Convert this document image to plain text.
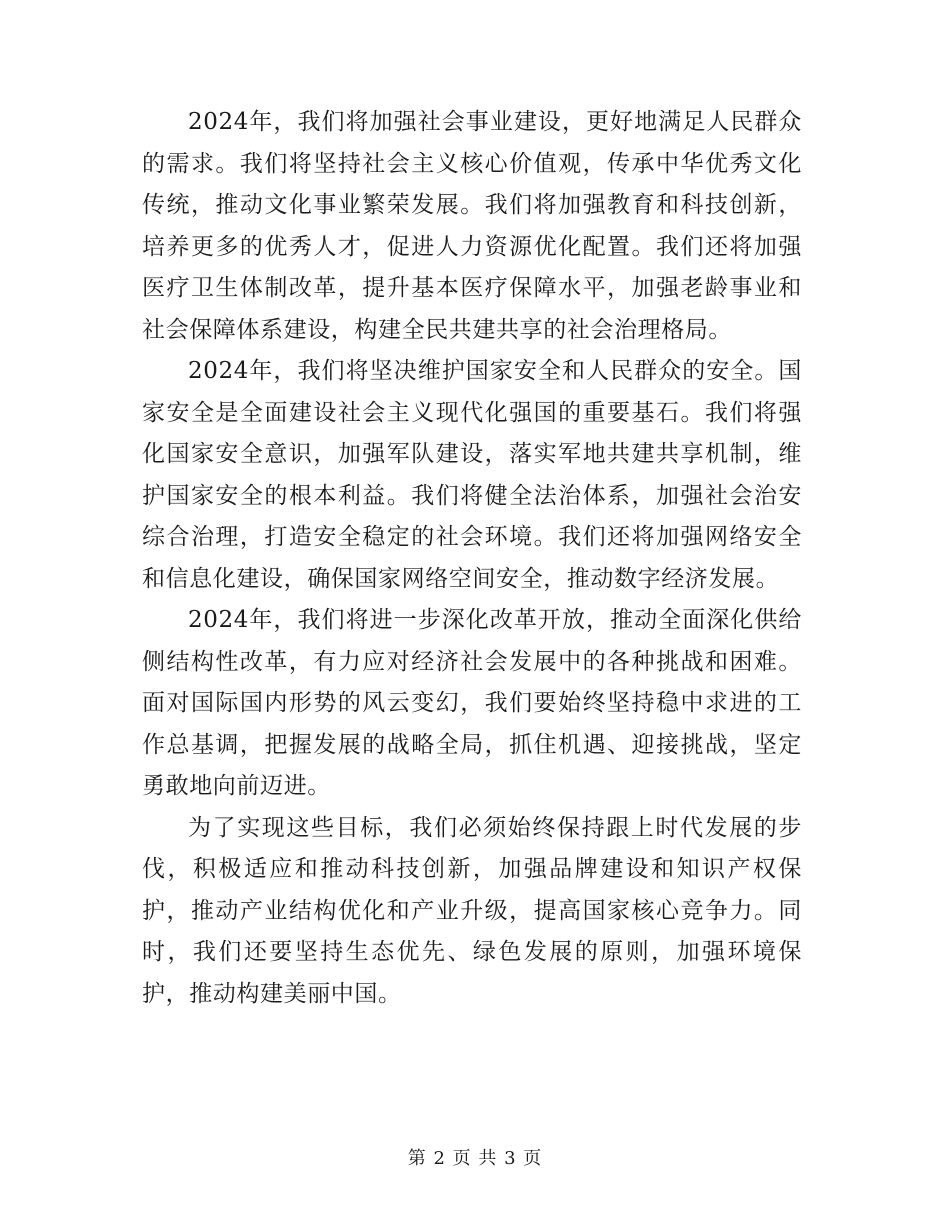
2024年，我们将加强社会事业建设，更好地满足人民群众的需求。我们将坚持社会主义核心价值观，传承中华优秀文化传统，推动文化事业繁荣发展。我们将加强教育和科技创新，培养更多的优秀人才，促进人力资源优化配置。我们还将加强医疗卫生体制改革，提升基本医疗保障水平，加强老龄事业和社会保障体系建设，构建全民共建共享的社会治理格局。

2024年，我们将坚决维护国家安全和人民群众的安全。国家安全是全面建设社会主义现代化强国的重要基石。我们将强化国家安全意识，加强军队建设，落实军地共建共享机制，维护国家安全的根本利益。我们将健全法治体系，加强社会治安综合治理，打造安全稳定的社会环境。我们还将加强网络安全和信息化建设，确保国家网络空间安全，推动数字经济发展。

2024年，我们将进一步深化改革开放，推动全面深化供给侧结构性改革，有力应对经济社会发展中的各种挑战和困难。面对国际国内形势的风云变幻，我们要始终坚持稳中求进的工作总基调，把握发展的战略全局，抓住机遇、迎接挑战，坚定勇敢地向前迈进。

为了实现这些目标，我们必须始终保持跟上时代发展的步伐，积极适应和推动科技创新，加强品牌建设和知识产权保护，推动产业结构优化和产业升级，提高国家核心竞争力。同时，我们还要坚持生态优先、绿色发展的原则，加强环境保护，推动构建美丽中国。

第 2 页 共 3 页
